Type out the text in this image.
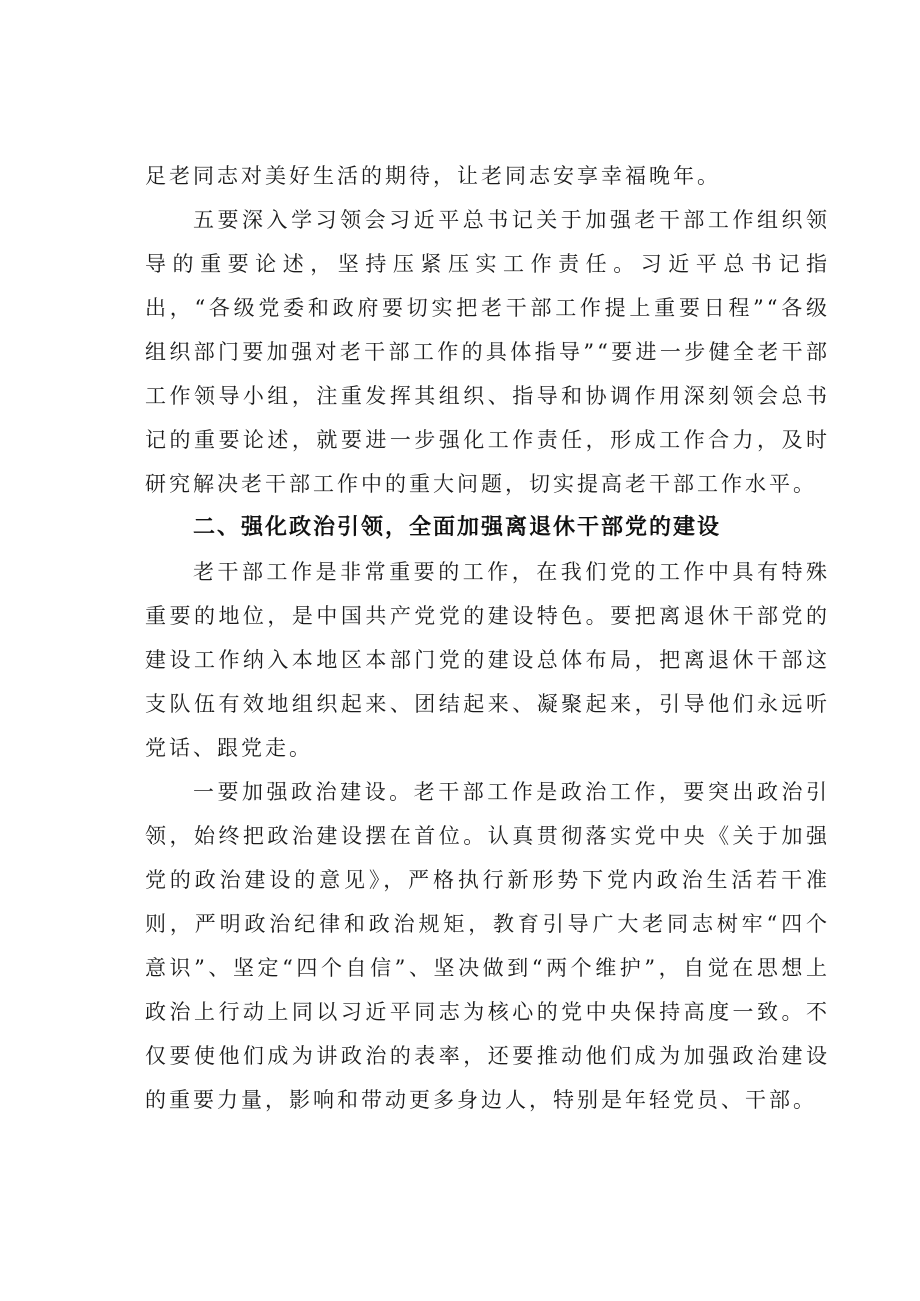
足老同志对美好生活的期待，让老同志安享幸福晚年。

五要深入学习领会习近平总书记关于加强老干部工作组织领导的重要论述，坚持压紧压实工作责任。习近平总书记指出，“各级党委和政府要切实把老干部工作提上重要日程”“各级组织部门要加强对老干部工作的具体指导”“要进一步健全老干部工作领导小组，注重发挥其组织、指导和协调作用深刻领会总书记的重要论述，就要进一步强化工作责任，形成工作合力，及时研究解决老干部工作中的重大问题，切实提高老干部工作水平。

二、强化政治引领，全面加强离退休干部党的建设

老干部工作是非常重要的工作，在我们党的工作中具有特殊重要的地位，是中国共产党党的建设特色。要把离退休干部党的建设工作纳入本地区本部门党的建设总体布局，把离退休干部这支队伍有效地组织起来、团结起来、凝聚起来，引导他们永远听党话、跟党走。

一要加强政治建设。老干部工作是政治工作，要突出政治引领，始终把政治建设摆在首位。认真贯彻落实党中央《关于加强党的政治建设的意见》，严格执行新形势下党内政治生活若干准则，严明政治纪律和政治规矩，教育引导广大老同志树牢“四个意识”、坚定“四个自信”、坚决做到“两个维护”，自觉在思想上政治上行动上同以习近平同志为核心的党中央保持高度一致。不仅要使他们成为讲政治的表率，还要推动他们成为加强政治建设的重要力量，影响和带动更多身边人，特别是年轻党员、干部。
